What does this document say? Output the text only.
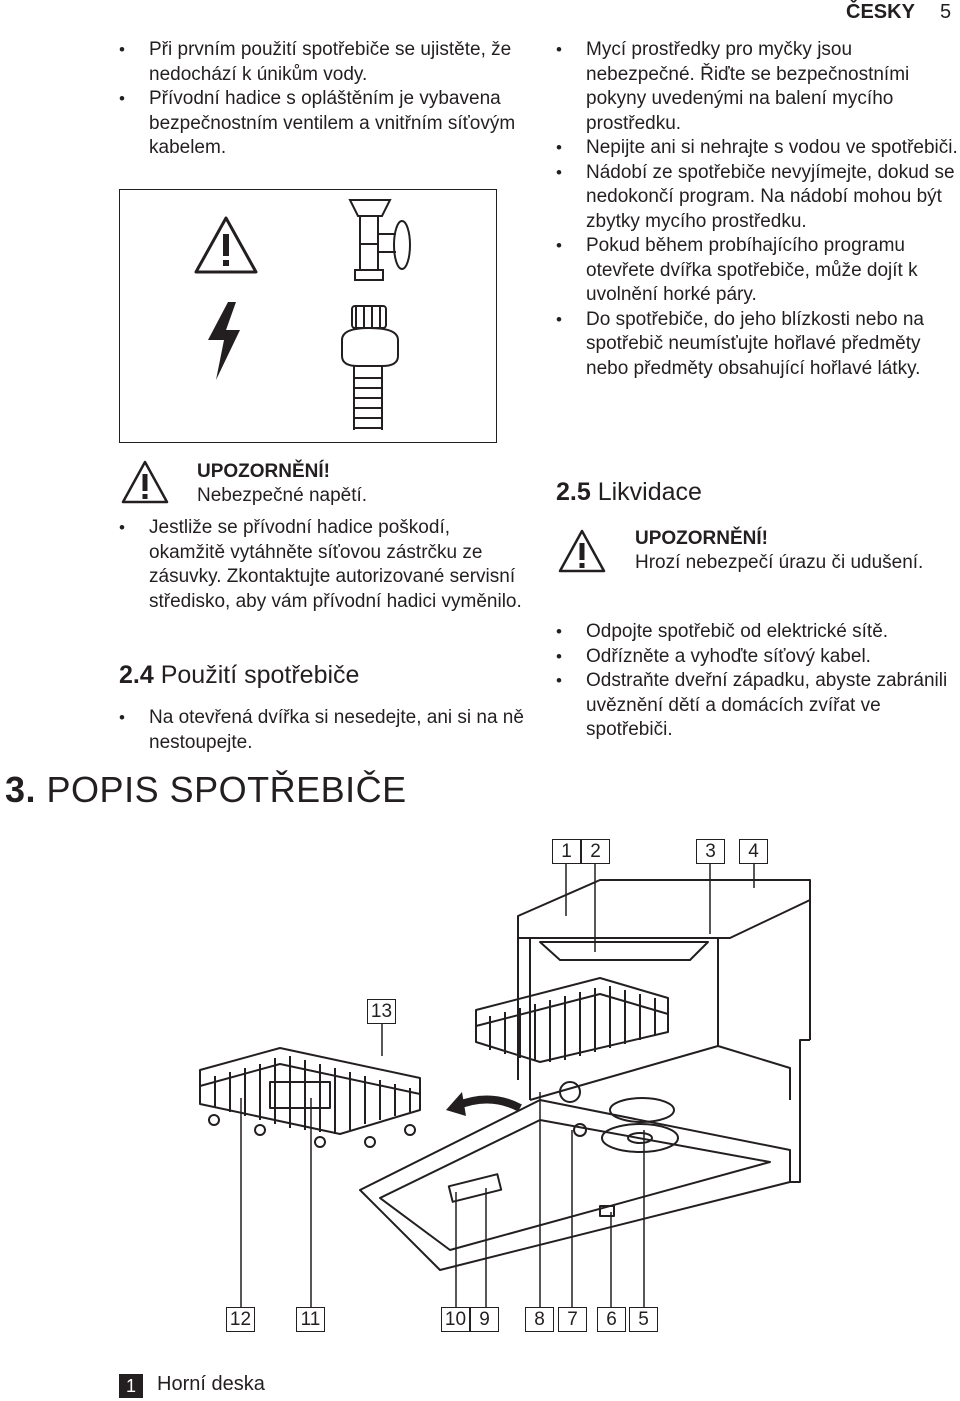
ČESKY 5
• Při prvním použití spotřebiče se ujistěte, že nedochází k únikům vody.
• Přívodní hadice s opláštěním je vybavena bezpečnostním ventilem a vnitřním síťovým kabelem.
UPOZORNĚNÍ!
Nebezpečné napětí.
• Jestliže se přívodní hadice poškodí, okamžitě vytáhněte síťovou zástrčku ze zásuvky. Zkontaktujte autorizované servisní středisko, aby vám přívodní hadici vyměnilo.
2.4 Použití spotřebiče
• Na otevřená dvířka si nesedejte, ani si na ně nestoupejte.
• Mycí prostředky pro myčky jsou nebezpečné. Řiďte se bezpečnostními pokyny uvedenými na balení mycího prostředku.
• Nepijte ani si nehrajte s vodou ve spotřebiči.
• Nádobí ze spotřebiče nevyjímejte, dokud se nedokončí program. Na nádobí mohou být zbytky mycího prostředku.
• Pokud během probíhajícího programu otevřete dvířka spotřebiče, může dojít k uvolnění horké páry.
• Do spotřebiče, do jeho blízkosti nebo na spotřebič neumísťujte hořlavé předměty nebo předměty obsahující hořlavé látky.
2.5 Likvidace
UPOZORNĚNÍ!
Hrozí nebezpečí úrazu či udušení.
• Odpojte spotřebič od elektrické sítě.
• Odřízněte a vyhoďte síťový kabel.
• Odstraňte dveřní západku, abyste zabránili uvěznění dětí a domácích zvířat ve spotřebiči.
3. POPIS SPOTŘEBIČE
1 2	3	4
13
12	11	10 9	8	7	6	5
1	Horní deska
